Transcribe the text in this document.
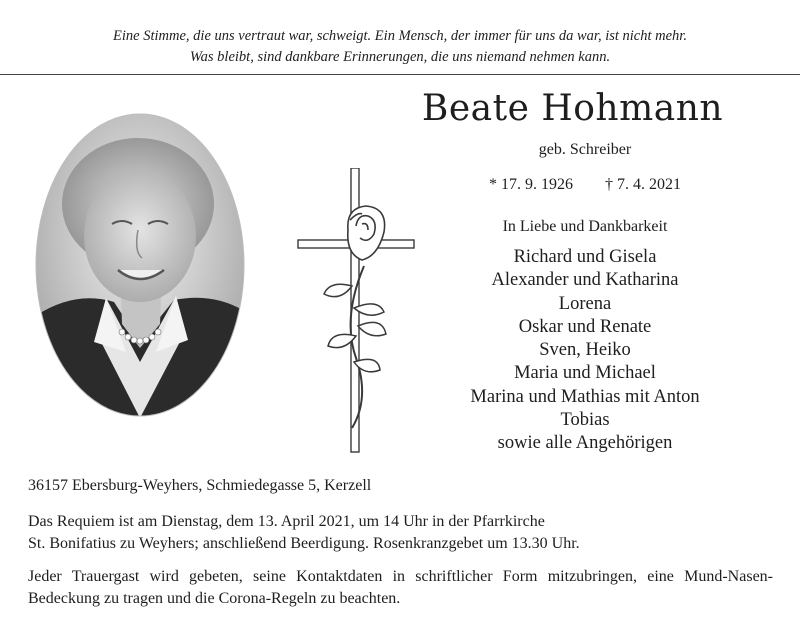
Eine Stimme, die uns vertraut war, schweigt. Ein Mensch, der immer für uns da war, ist nicht mehr.
Was bleibt, sind dankbare Erinnerungen, die uns niemand nehmen kann.
Beate Hohmann
geb. Schreiber
* 17. 9. 1926 † 7. 4. 2021
In Liebe und Dankbarkeit
Richard und Gisela
Alexander und Katharina
Lorena
Oskar und Renate
Sven, Heiko
Maria und Michael
Marina und Mathias mit Anton
Tobias
sowie alle Angehörigen
36157 Ebersburg-Weyhers, Schmiedegasse 5, Kerzell
Das Requiem ist am Dienstag, dem 13. April 2021, um 14 Uhr in der Pfarrkirche
St. Bonifatius zu Weyhers; anschließend Beerdigung. Rosenkranzgebet um 13.30 Uhr.
Jeder Trauergast wird gebeten, seine Kontaktdaten in schriftlicher Form mitzubringen, eine Mund-Nasen-Bedeckung zu tragen und die Corona-Regeln zu beachten.
